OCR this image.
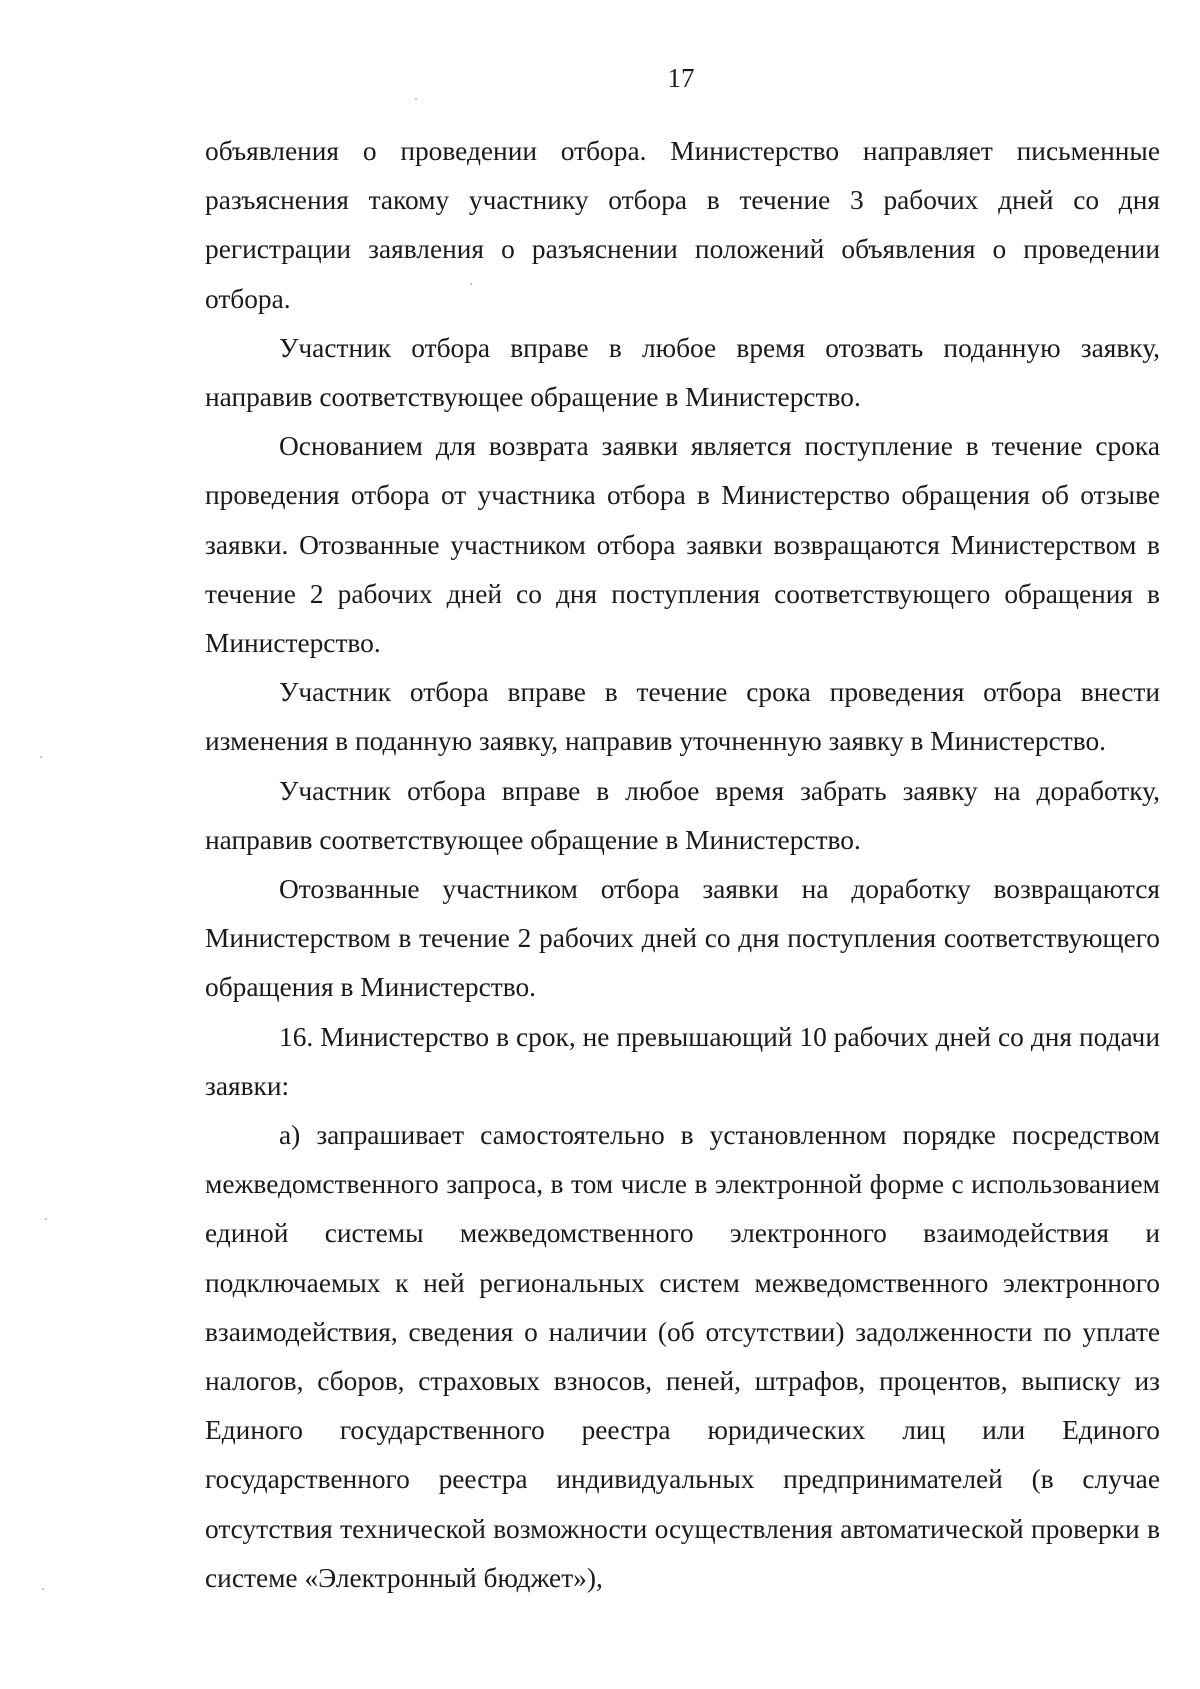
17

объявления о проведении отбора. Министерство направляет письменные разъяснения такому участнику отбора в течение 3 рабочих дней со дня регистрации заявления о разъяснении положений объявления о проведении отбора.

Участник отбора вправе в любое время отозвать поданную заявку, направив соответствующее обращение в Министерство.

Основанием для возврата заявки является поступление в течение срока проведения отбора от участника отбора в Министерство обращения об отзыве заявки. Отозванные участником отбора заявки возвращаются Министерством в течение 2 рабочих дней со дня поступления соответствующего обращения в Министерство.

Участник отбора вправе в течение срока проведения отбора внести изменения в поданную заявку, направив уточненную заявку в Министерство.

Участник отбора вправе в любое время забрать заявку на доработку, направив соответствующее обращение в Министерство.

Отозванные участником отбора заявки на доработку возвращаются Министерством в течение 2 рабочих дней со дня поступления соответствующего обращения в Министерство.

16. Министерство в срок, не превышающий 10 рабочих дней со дня подачи заявки:

а) запрашивает самостоятельно в установленном порядке посредством межведомственного запроса, в том числе в электронной форме с использованием единой системы межведомственного электронного взаимодействия и подключаемых к ней региональных систем межведомственного электронного взаимодействия, сведения о наличии (об отсутствии) задолженности по уплате налогов, сборов, страховых взносов, пеней, штрафов, процентов, выписку из Единого государственного реестра юридических лиц или Единого государственного реестра индивидуальных предпринимателей (в случае отсутствия технической возможности осуществления автоматической проверки в системе «Электронный бюджет»),
